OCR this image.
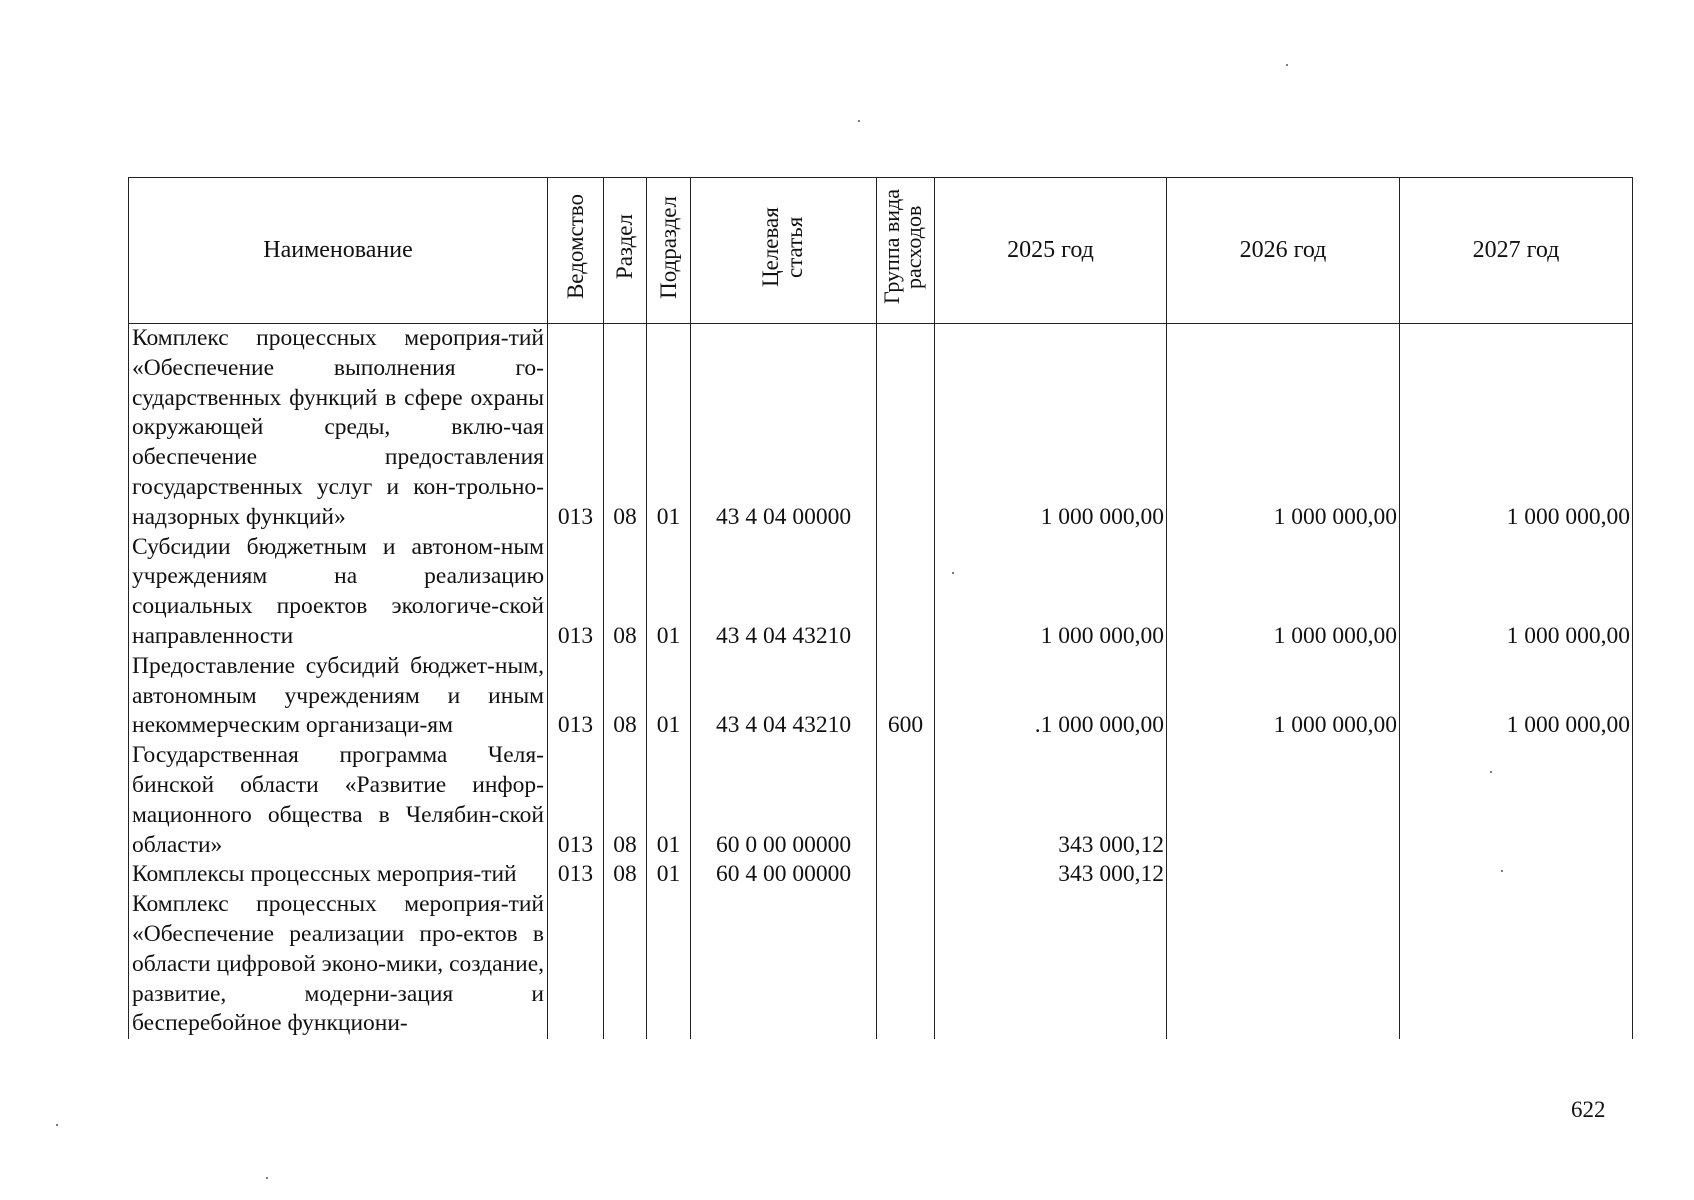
Наименование	Ведомство	Раздел	Подраздел	Целевая статья	Группа вида расходов	2025 год	2026 год	2027 год
Комплекс процессных мероприя-тий «Обеспечение выполнения го-сударственных функций в сфере охраны окружающей среды, вклю-чая обеспечение предоставления государственных услуг и кон-трольно-надзорных функций»	013	08	01	43 4 04 00000		1 000 000,00	1 000 000,00	1 000 000,00
Субсидии бюджетным и автоном-ным учреждениям на реализацию социальных проектов экологиче-ской направленности	013	08	01	43 4 04 43210		1 000 000,00	1 000 000,00	1 000 000,00
Предоставление субсидий бюджет-ным, автономным учреждениям и иным некоммерческим организаци-ям	013	08	01	43 4 04 43210	600	.1 000 000,00	1 000 000,00	1 000 000,00
Государственная программа Челя-бинской области «Развитие инфор-мационного общества в Челябин-ской области»	013	08	01	60 0 00 00000		343 000,12		
Комплексы процессных мероприя-тий	013	08	01	60 4 00 00000		343 000,12		
Комплекс процессных мероприя-тий «Обеспечение реализации про-ектов в области цифровой эконо-мики, создание, развитие, модерни-зация и бесперебойное функциони-								
622
